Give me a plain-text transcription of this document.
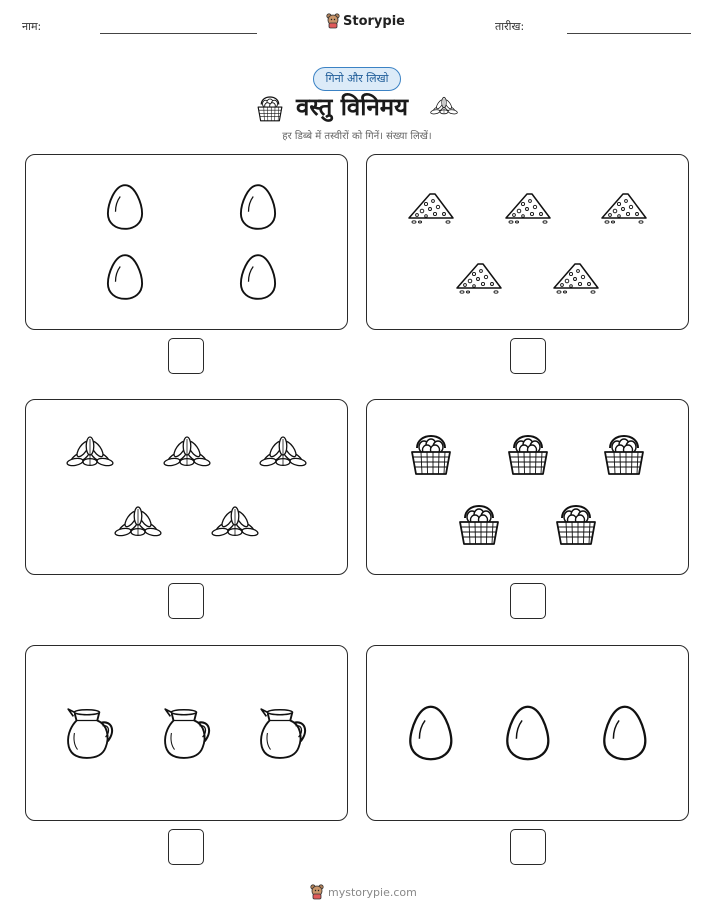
नाम:	Storypie	तारीख:
गिनो और लिखो
वस्तु विनिमय
हर डिब्बे में तस्वीरों को गिनें। संख्या लिखें।
mystorypie.com
